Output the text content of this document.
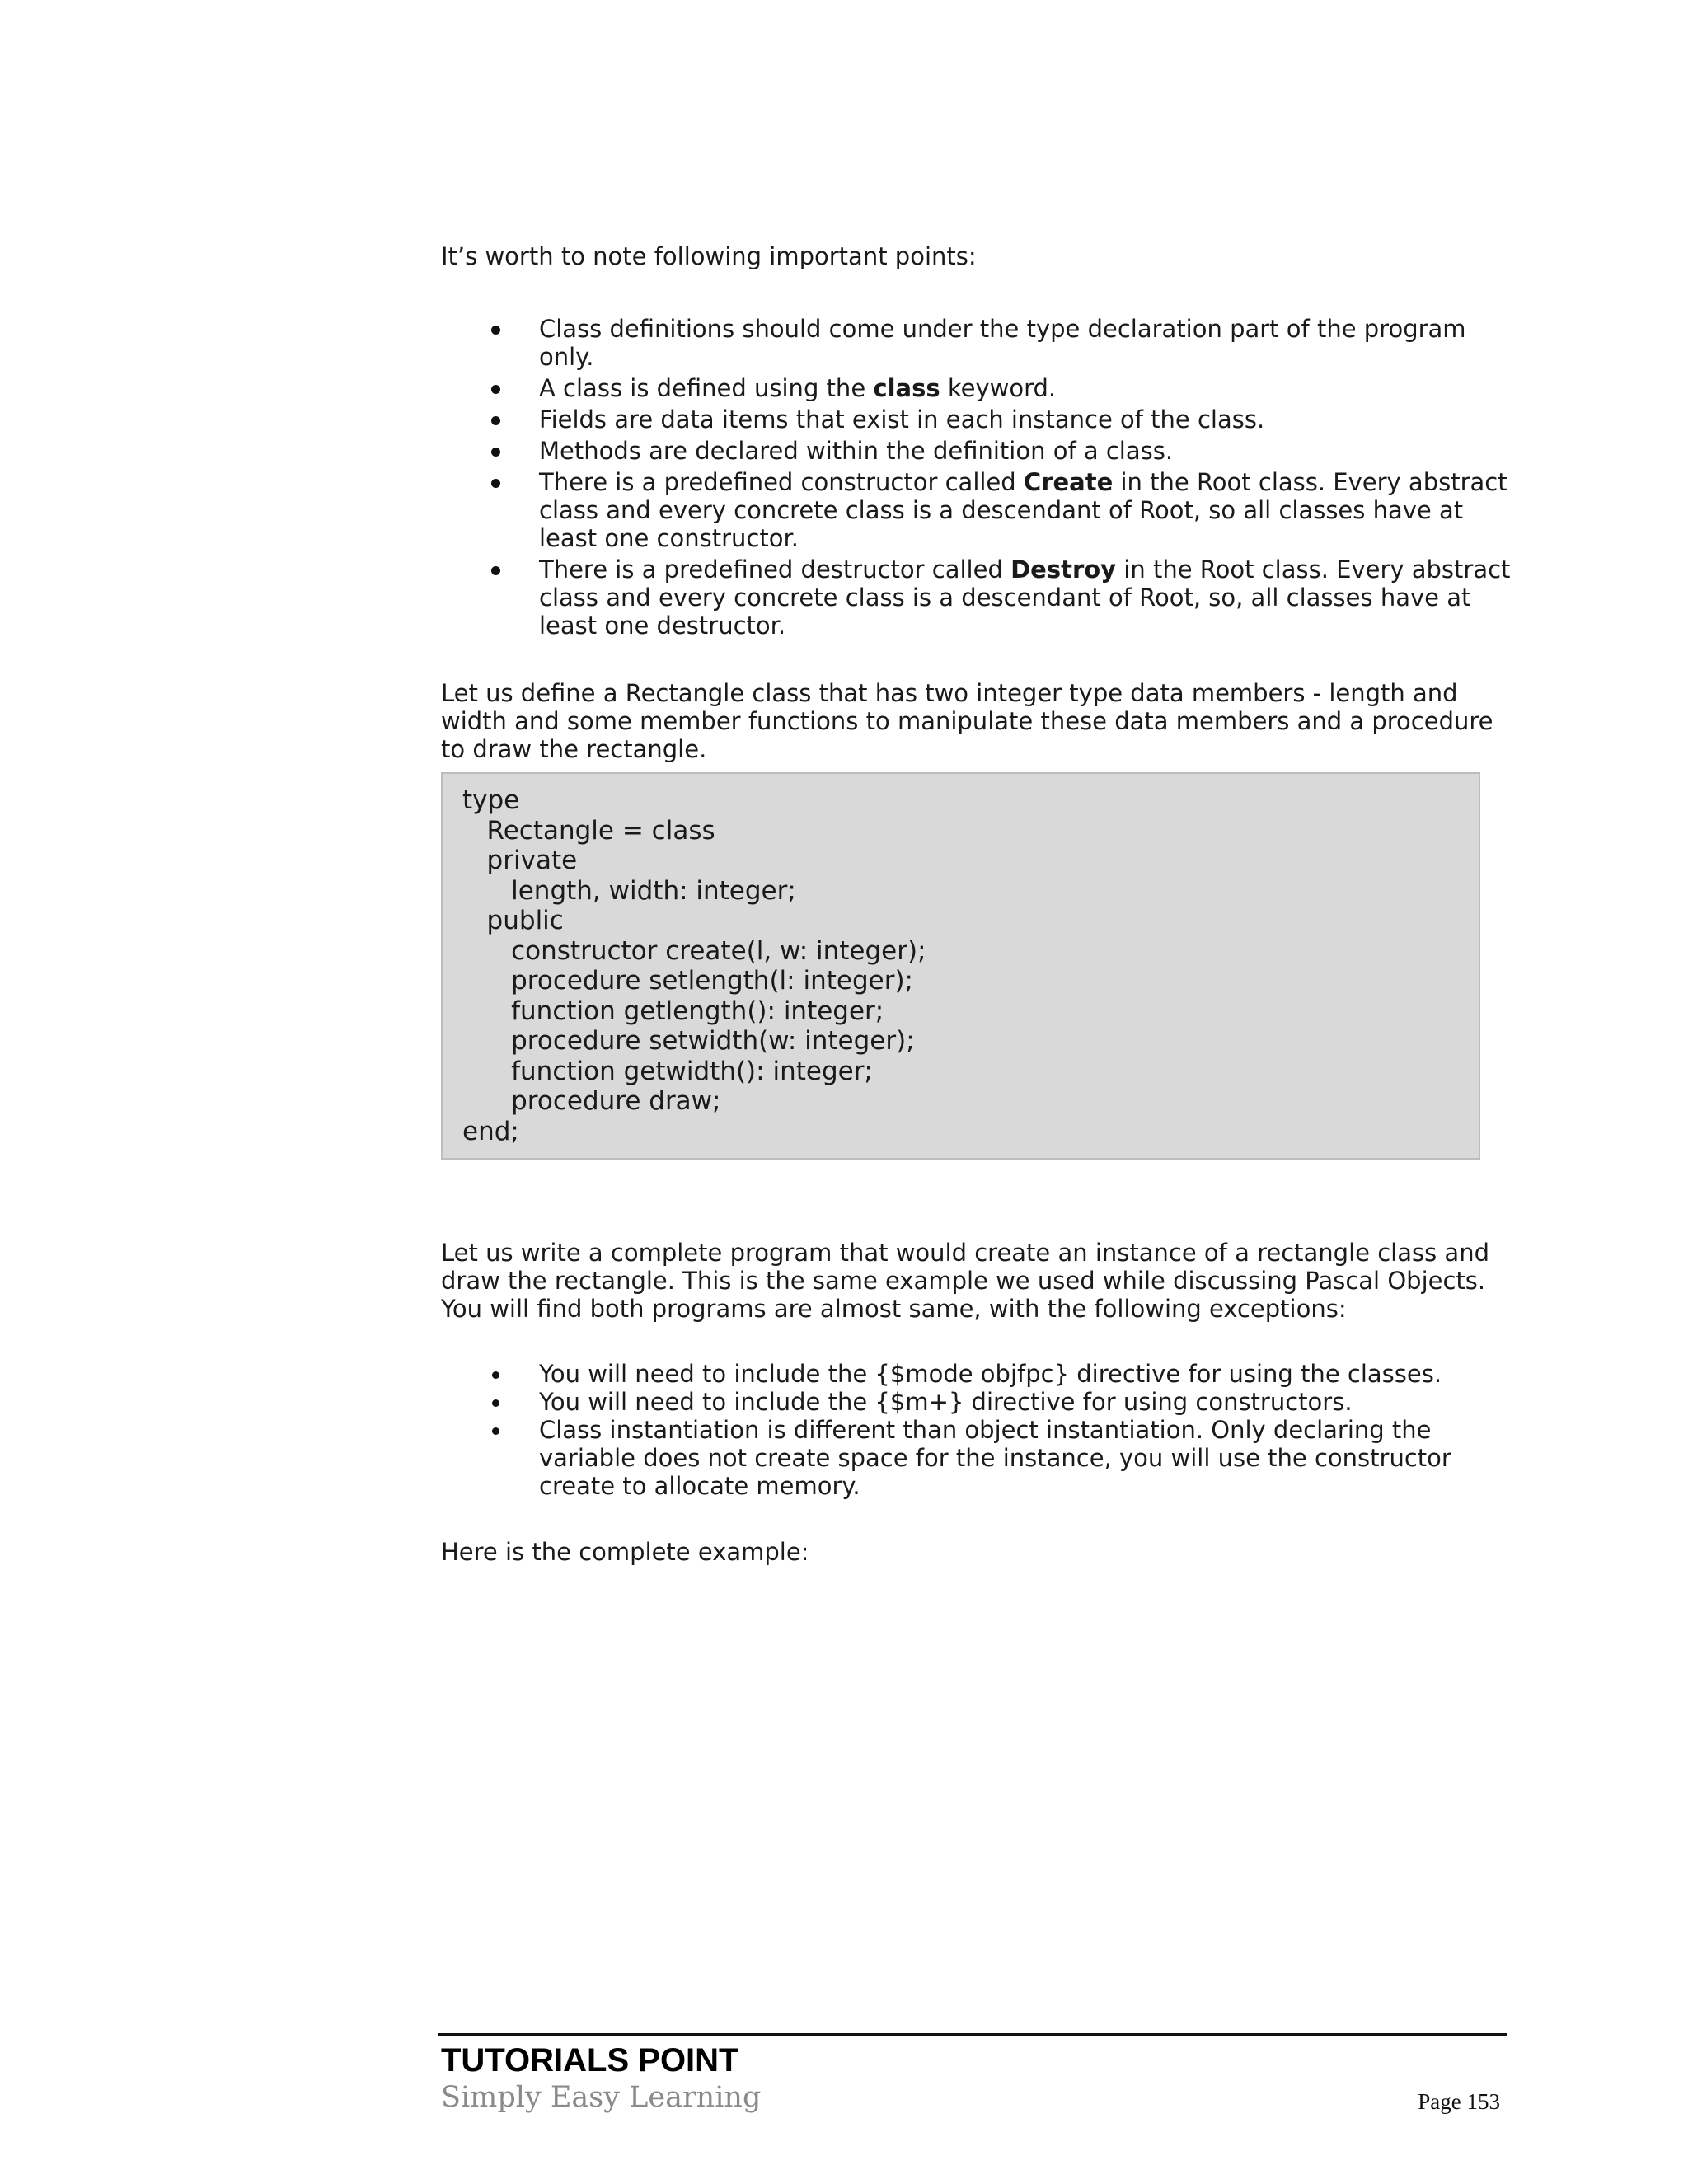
It’s worth to note following important points:

Class definitions should come under the type declaration part of the program only.
A class is defined using the class keyword.
Fields are data items that exist in each instance of the class.
Methods are declared within the definition of a class.
There is a predefined constructor called Create in the Root class. Every abstract class and every concrete class is a descendant of Root, so all classes have at least one constructor.
There is a predefined destructor called Destroy in the Root class. Every abstract class and every concrete class is a descendant of Root, so, all classes have at least one destructor.

Let us define a Rectangle class that has two integer type data members - length and width and some member functions to manipulate these data members and a procedure to draw the rectangle.

type
Rectangle = class
private
length, width: integer;
public
constructor create(l, w: integer);
procedure setlength(l: integer);
function getlength(): integer;
procedure setwidth(w: integer);
function getwidth(): integer;
procedure draw;
end;

Let us write a complete program that would create an instance of a rectangle class and draw the rectangle. This is the same example we used while discussing Pascal Objects. You will find both programs are almost same, with the following exceptions:

You will need to include the {$mode objfpc} directive for using the classes.
You will need to include the {$m+} directive for using constructors.
Class instantiation is different than object instantiation. Only declaring the variable does not create space for the instance, you will use the constructor create to allocate memory.

Here is the complete example:

TUTORIALS POINT
Simply Easy Learning	Page 153
